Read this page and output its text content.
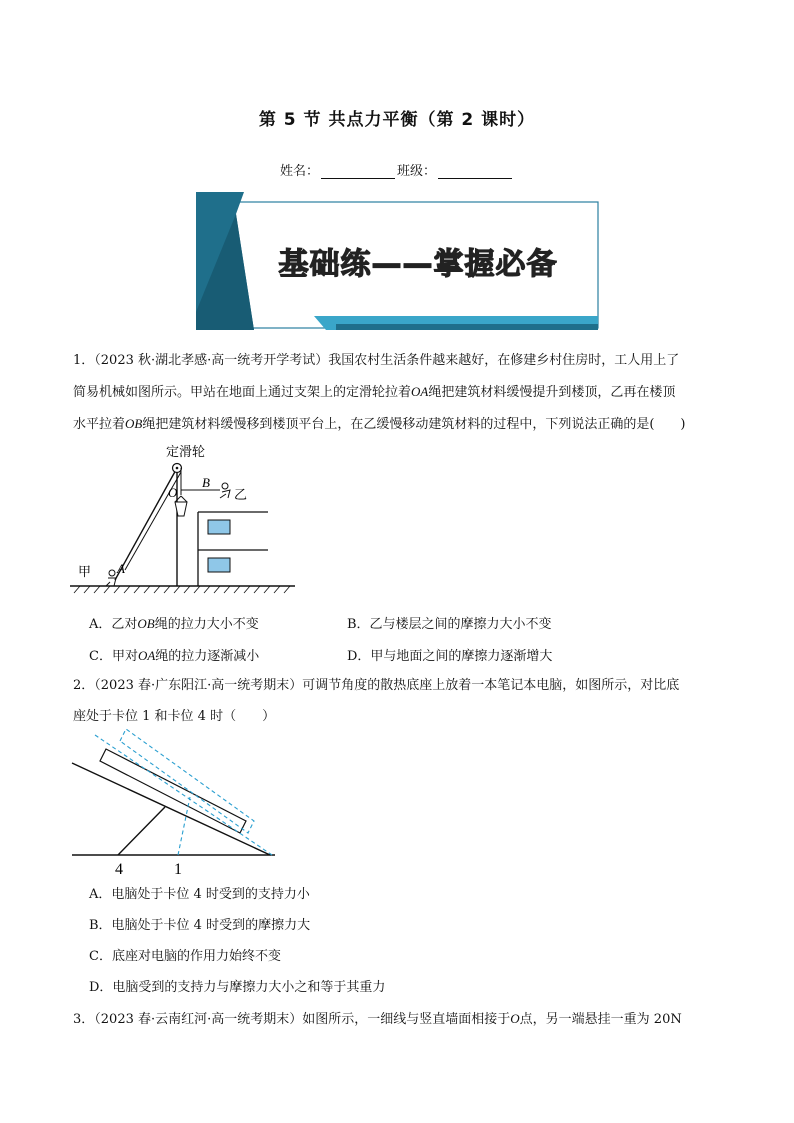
第 5 节 共点力平衡（第 2 课时）
姓名：	班级：
基础练——掌握必备
1．（2023 秋·湖北孝感·高一统考开学考试）我国农村生活条件越来越好，在修建乡村住房时，工人用上了
简易机械如图所示。甲站在地面上通过支架上的定滑轮拉着OA绳把建筑材料缓慢提升到楼顶，乙再在楼顶
水平拉着OB绳把建筑材料缓慢移到楼顶平台上，在乙缓慢移动建筑材料的过程中，下列说法正确的是(　　)
定滑轮
O
B
乙
甲 A
A．乙对OB绳的拉力大小不变	B．乙与楼层之间的摩擦力大小不变
C．甲对OA绳的拉力逐渐减小	D．甲与地面之间的摩擦力逐渐增大
2．（2023 春·广东阳江·高一统考期末）可调节角度的散热底座上放着一本笔记本电脑，如图所示，对比底
座处于卡位 1 和卡位 4 时（　　）
4	1
A．电脑处于卡位 4 时受到的支持力小
B．电脑处于卡位 4 时受到的摩擦力大
C．底座对电脑的作用力始终不变
D．电脑受到的支持力与摩擦力大小之和等于其重力
3．（2023 春·云南红河·高一统考期末）如图所示，一细线与竖直墙面相接于O点，另一端悬挂一重为 20N
